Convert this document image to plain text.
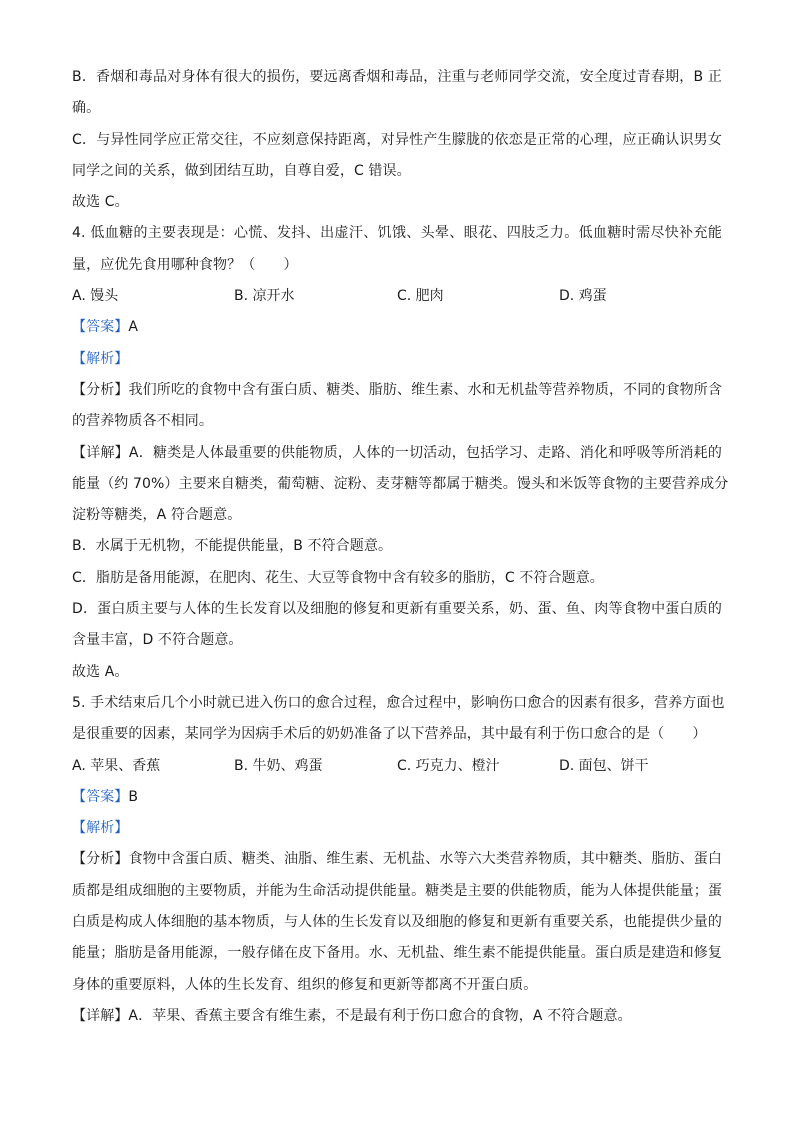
B．香烟和毒品对身体有很大的损伤，要远离香烟和毒品，注重与老师同学交流，安全度过青春期，B 正
确。
C．与异性同学应正常交往，不应刻意保持距离，对异性产生朦胧的依恋是正常的心理，应正确认识男女
同学之间的关系，做到团结互助，自尊自爱，C 错误。
故选 C。
4. 低血糖的主要表现是：心慌、发抖、出虚汗、饥饿、头晕、眼花、四肢乏力。低血糖时需尽快补充能
量，应优先食用哪种食物？（　　）
A. 馒头	B. 凉开水	C. 肥肉	D. 鸡蛋
【答案】A
【解析】
【分析】我们所吃的食物中含有蛋白质、糖类、脂肪、维生素、水和无机盐等营养物质，不同的食物所含
的营养物质各不相同。
【详解】A．糖类是人体最重要的供能物质，人体的一切活动，包括学习、走路、消化和呼吸等所消耗的
能量（约 70%）主要来自糖类，葡萄糖、淀粉、麦芽糖等都属于糖类。馒头和米饭等食物的主要营养成分
淀粉等糖类，A 符合题意。
B．水属于无机物，不能提供能量，B 不符合题意。
C．脂肪是备用能源，在肥肉、花生、大豆等食物中含有较多的脂肪，C 不符合题意。
D．蛋白质主要与人体的生长发育以及细胞的修复和更新有重要关系，奶、蛋、鱼、肉等食物中蛋白质的
含量丰富，D 不符合题意。
故选 A。
5. 手术结束后几个小时就已进入伤口的愈合过程，愈合过程中，影响伤口愈合的因素有很多，营养方面也
是很重要的因素，某同学为因病手术后的奶奶准备了以下营养品，其中最有利于伤口愈合的是（　　）
A. 苹果、香蕉	B. 牛奶、鸡蛋	C. 巧克力、橙汁	D. 面包、饼干
【答案】B
【解析】
【分析】食物中含蛋白质、糖类、油脂、维生素、无机盐、水等六大类营养物质，其中糖类、脂肪、蛋白
质都是组成细胞的主要物质，并能为生命活动提供能量。糖类是主要的供能物质，能为人体提供能量；蛋
白质是构成人体细胞的基本物质，与人体的生长发育以及细胞的修复和更新有重要关系，也能提供少量的
能量；脂肪是备用能源，一般存储在皮下备用。水、无机盐、维生素不能提供能量。蛋白质是建造和修复
身体的重要原料，人体的生长发育、组织的修复和更新等都离不开蛋白质。
【详解】A．苹果、香蕉主要含有维生素，不是最有利于伤口愈合的食物，A 不符合题意。
